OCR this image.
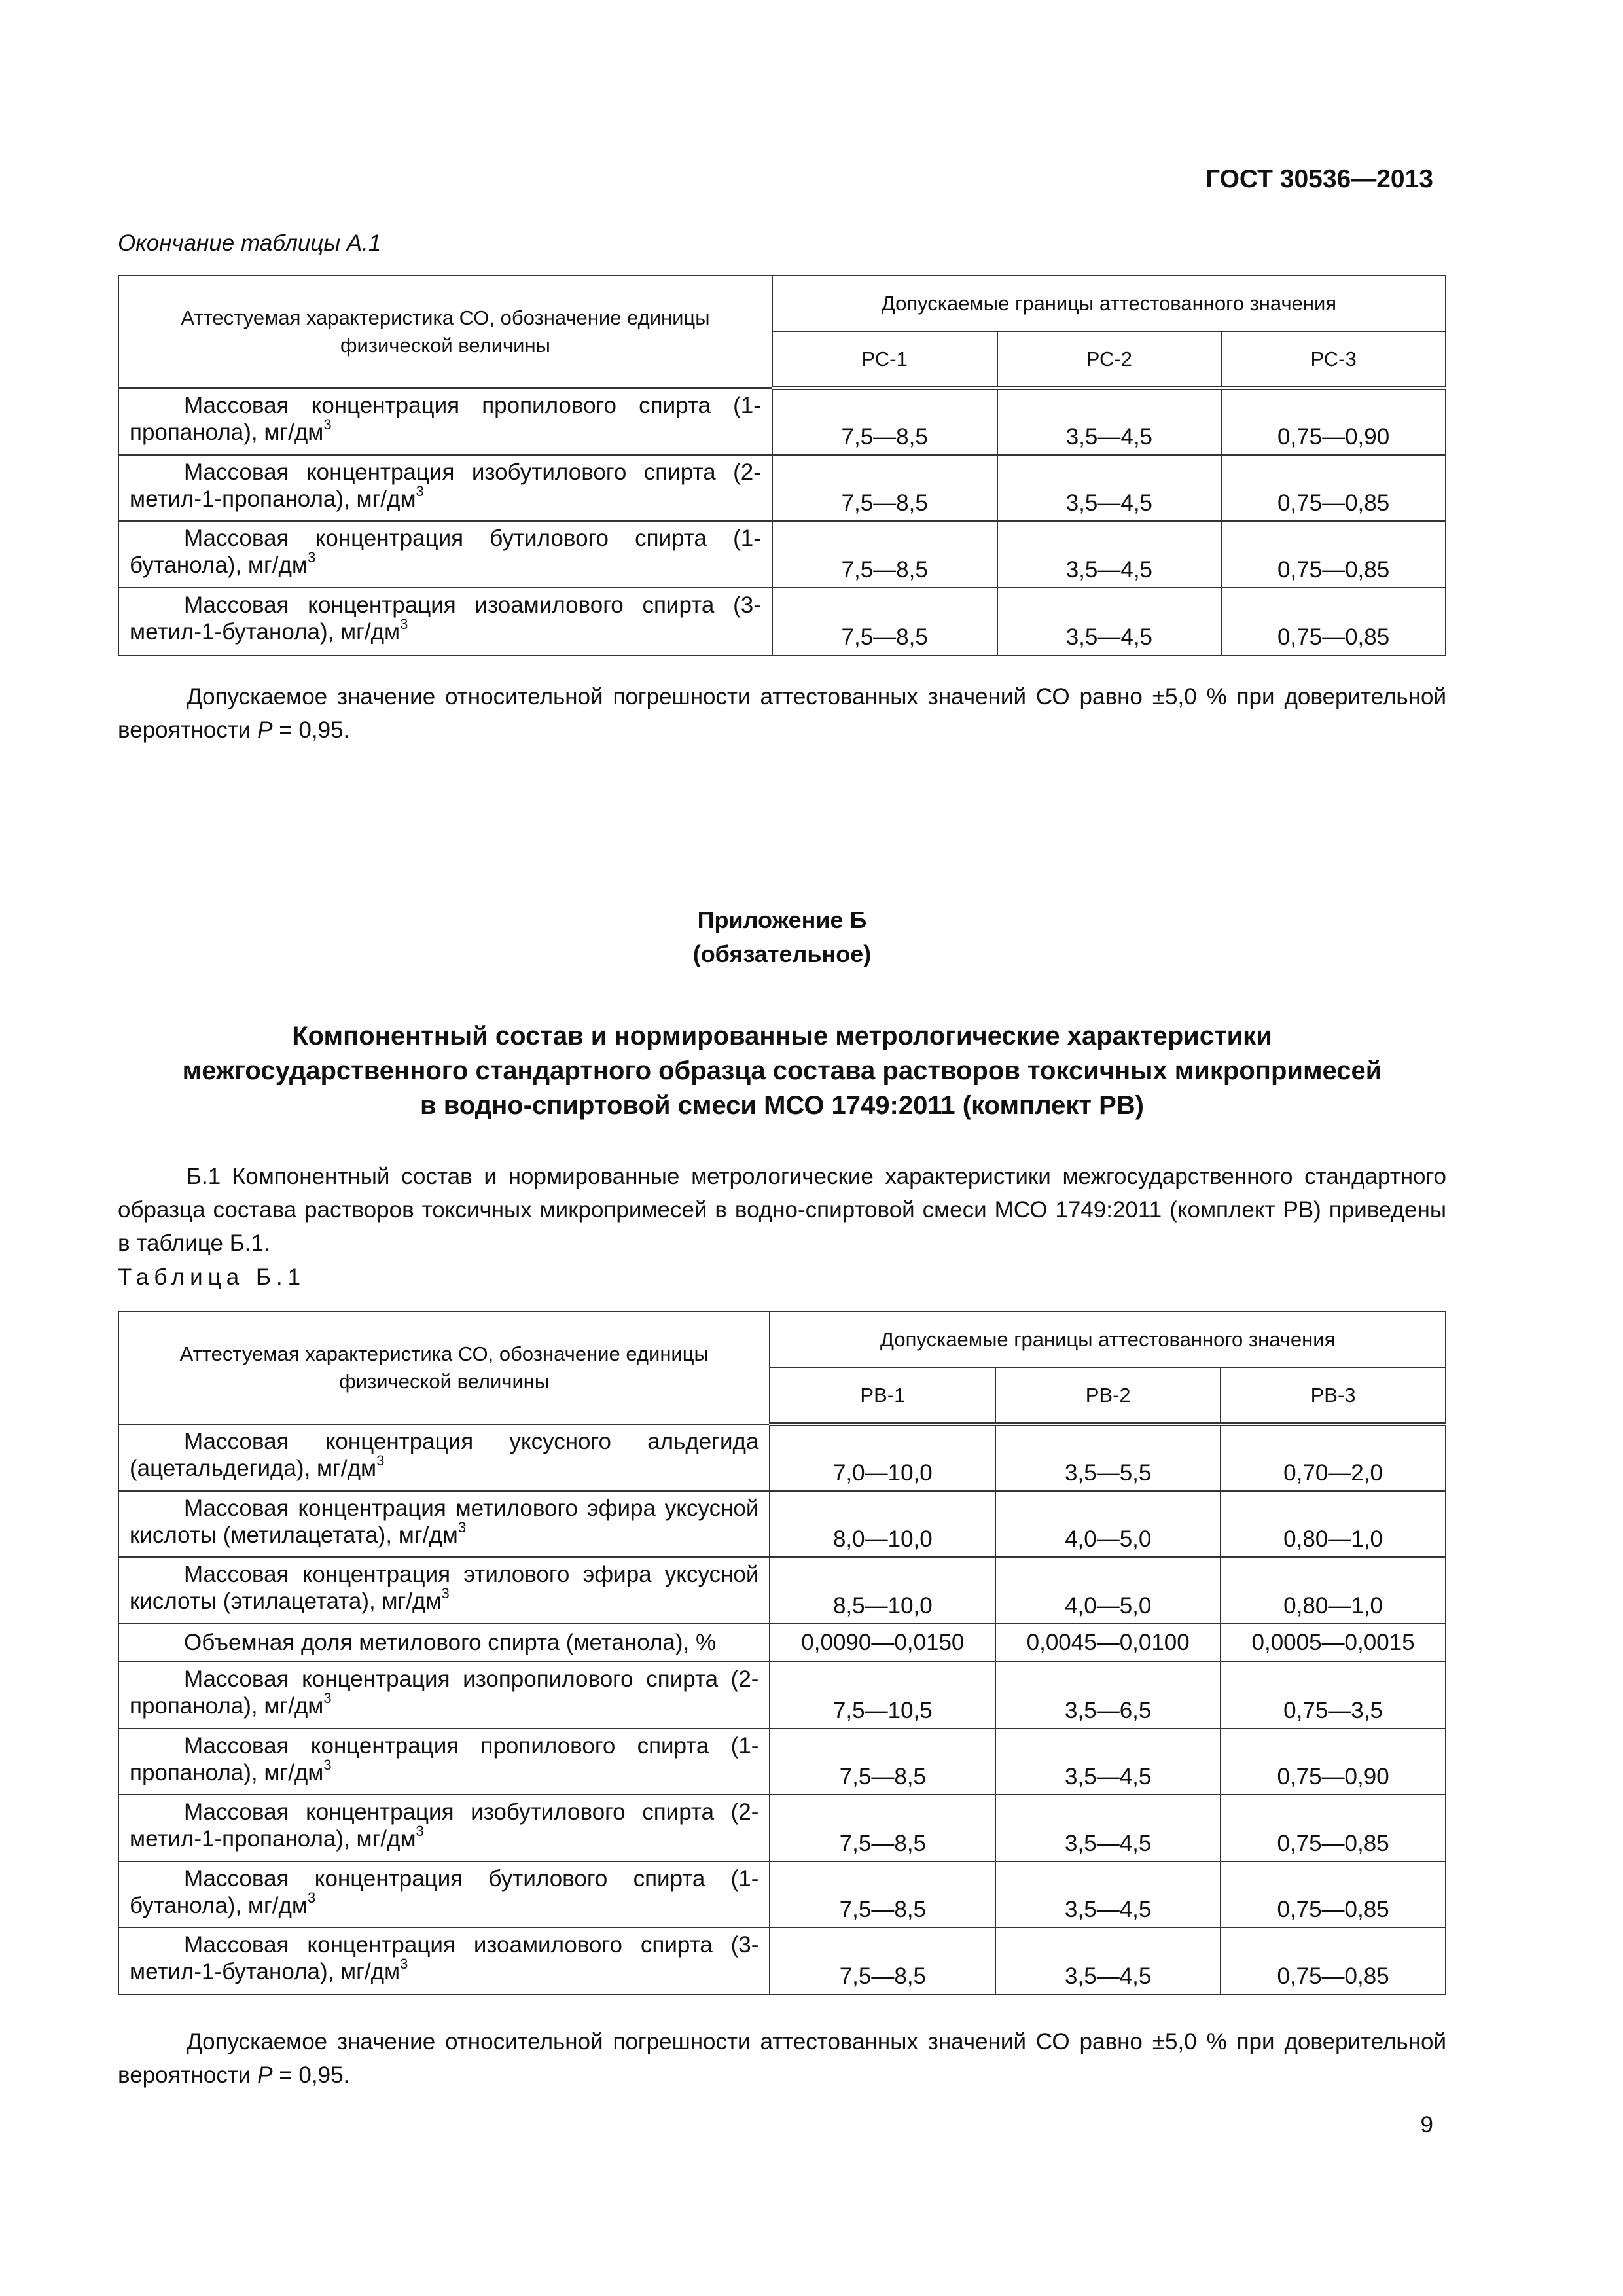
ГОСТ 30536—2013
Окончание таблицы А.1
Аттестуемая характеристика СО, обозначение единицы физической величины	Допускаемые границы аттестованного значения		
	РС-1	РС-2	РС-3
Массовая концентрация пропилового спирта (1-пропанола), $мг/дм^3$	7,5—8,5	3,5—4,5	0,75—0,90
Массовая концентрация изобутилового спирта (2-метил-1-пропанола), $мг/дм^3$	7,5—8,5	3,5—4,5	0,75—0,85
Массовая концентрация бутилового спирта (1-бутанола), $мг/дм^3$	7,5—8,5	3,5—4,5	0,75—0,85
Массовая концентрация изоамилового спирта (3-метил-1-бутанола), $мг/дм^3$	7,5—8,5	3,5—4,5	0,75—0,85
Допускаемое значение относительной погрешности аттестованных значений СО равно ±5,0 % при доверительной вероятности Р = 0,95.
Приложение Б
(обязательное)
Компонентный состав и нормированные метрологические характеристики
межгосударственного стандартного образца состава растворов токсичных микропримесей
в водно-спиртовой смеси МСО 1749:2011 (комплект РВ)
Б.1 Компонентный состав и нормированные метрологические характеристики межгосударственного стандартного образца состава растворов токсичных микропримесей в водно-спиртовой смеси МСО 1749:2011 (комплект РВ) приведены в таблице Б.1.
Таблица Б.1
Аттестуемая характеристика СО, обозначение единицы физической величины	Допускаемые границы аттестованного значения		
	РВ-1	РВ-2	РВ-3
Массовая концентрация уксусного альдегида (ацетальдегида), $мг/дм^3$	7,0—10,0	3,5—5,5	0,70—2,0
Массовая концентрация метилового эфира уксусной кислоты (метилацетата), $мг/дм^3$	8,0—10,0	4,0—5,0	0,80—1,0
Массовая концентрация этилового эфира уксусной кислоты (этилацетата), $мг/дм^3$	8,5—10,0	4,0—5,0	0,80—1,0
Объемная доля метилового спирта (метанола), %	0,0090—0,0150	0,0045—0,0100	0,0005—0,0015
Массовая концентрация изопропилового спирта (2-пропанола), $мг/дм^3$	7,5—10,5	3,5—6,5	0,75—3,5
Массовая концентрация пропилового спирта (1-пропанола), $мг/дм^3$	7,5—8,5	3,5—4,5	0,75—0,90
Массовая концентрация изобутилового спирта (2-метил-1-пропанола), $мг/дм^3$	7,5—8,5	3,5—4,5	0,75—0,85
Массовая концентрация бутилового спирта (1-бутанола), $мг/дм^3$	7,5—8,5	3,5—4,5	0,75—0,85
Массовая концентрация изоамилового спирта (3-метил-1-бутанола), $мг/дм^3$	7,5—8,5	3,5—4,5	0,75—0,85
Допускаемое значение относительной погрешности аттестованных значений СО равно ±5,0 % при доверительной вероятности Р = 0,95.
9
